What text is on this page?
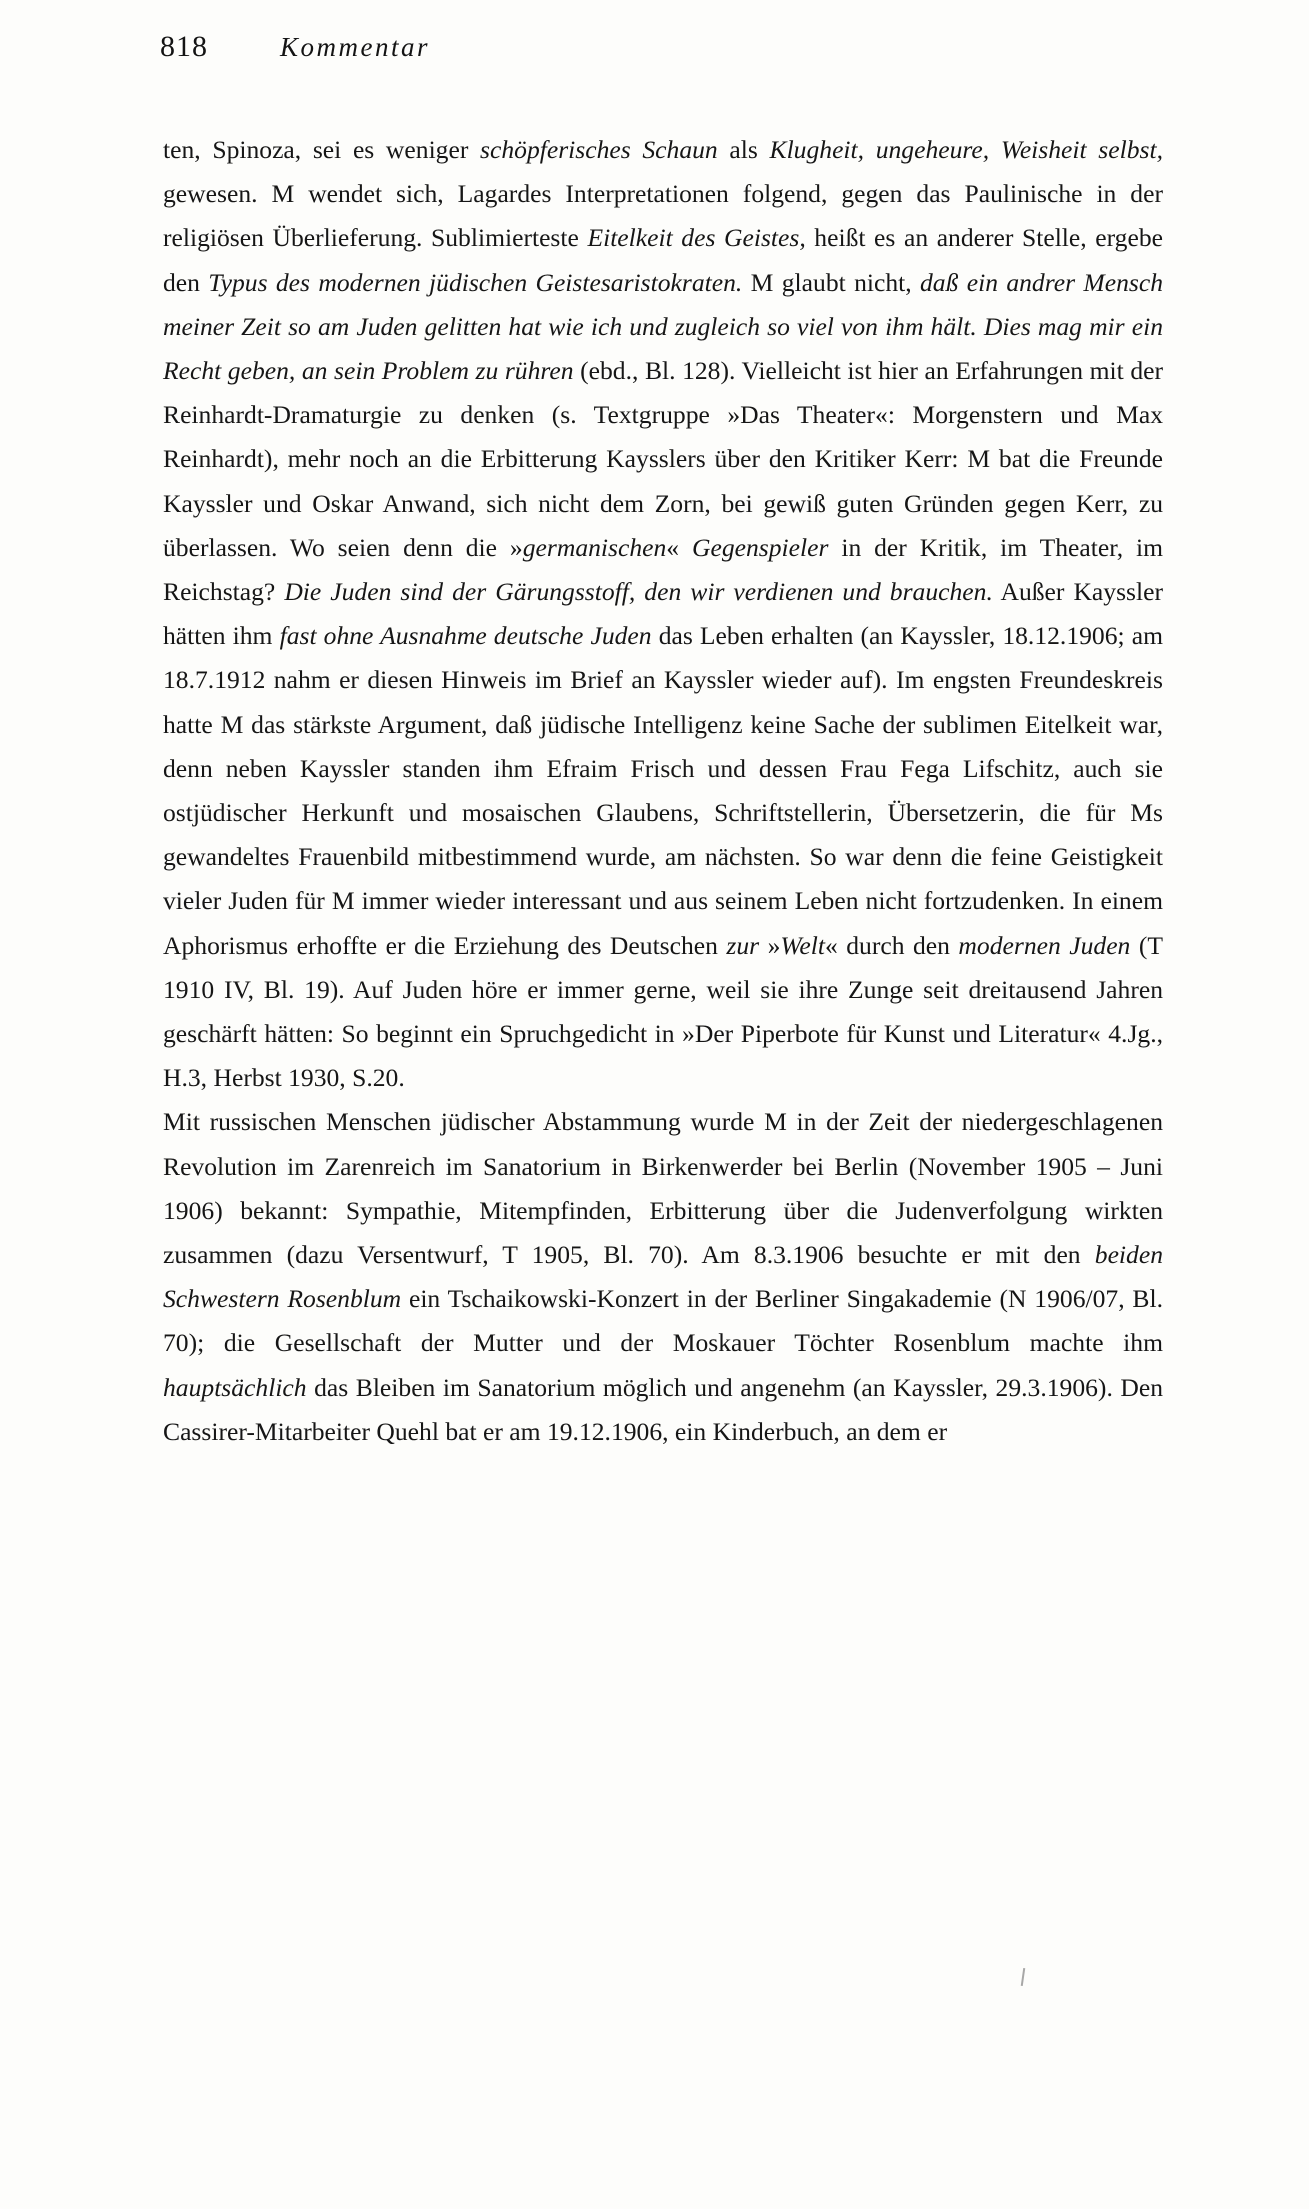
818	Kommentar

ten, Spinoza, sei es weniger schöpferisches Schaun als Klugheit, ungeheure, Weisheit selbst, gewesen. M wendet sich, Lagardes Interpretationen folgend, gegen das Paulinische in der religiösen Überlieferung. Sublimierteste Eitelkeit des Geistes, heißt es an anderer Stelle, ergebe den Typus des modernen jüdischen Geistesaristokraten. M glaubt nicht, daß ein andrer Mensch meiner Zeit so am Juden gelitten hat wie ich und zugleich so viel von ihm hält. Dies mag mir ein Recht geben, an sein Problem zu rühren (ebd., Bl. 128). Vielleicht ist hier an Erfahrungen mit der Reinhardt-Dramaturgie zu denken (s. Textgruppe »Das Theater«: Morgenstern und Max Reinhardt), mehr noch an die Erbitterung Kaysslers über den Kritiker Kerr: M bat die Freunde Kayssler und Oskar Anwand, sich nicht dem Zorn, bei gewiß guten Gründen gegen Kerr, zu überlassen. Wo seien denn die »germanischen« Gegenspieler in der Kritik, im Theater, im Reichstag? Die Juden sind der Gärungsstoff, den wir verdienen und brauchen. Außer Kayssler hätten ihm fast ohne Ausnahme deutsche Juden das Leben erhalten (an Kayssler, 18.12.1906; am 18.7.1912 nahm er diesen Hinweis im Brief an Kayssler wieder auf). Im engsten Freundeskreis hatte M das stärkste Argument, daß jüdische Intelligenz keine Sache der sublimen Eitelkeit war, denn neben Kayssler standen ihm Efraim Frisch und dessen Frau Fega Lifschitz, auch sie ostjüdischer Herkunft und mosaischen Glaubens, Schriftstellerin, Übersetzerin, die für Ms gewandeltes Frauenbild mitbestimmend wurde, am nächsten. So war denn die feine Geistigkeit vieler Juden für M immer wieder interessant und aus seinem Leben nicht fortzudenken. In einem Aphorismus erhoffte er die Erziehung des Deutschen zur »Welt« durch den modernen Juden (T 1910 IV, Bl. 19). Auf Juden höre er immer gerne, weil sie ihre Zunge seit dreitausend Jahren geschärft hätten: So beginnt ein Spruchgedicht in »Der Piperbote für Kunst und Literatur« 4.Jg., H.3, Herbst 1930, S.20.

Mit russischen Menschen jüdischer Abstammung wurde M in der Zeit der niedergeschlagenen Revolution im Zarenreich im Sanatorium in Birkenwerder bei Berlin (November 1905 – Juni 1906) bekannt: Sympathie, Mitempfinden, Erbitterung über die Judenverfolgung wirkten zusammen (dazu Versentwurf, T 1905, Bl. 70). Am 8.3.1906 besuchte er mit den beiden Schwestern Rosenblum ein Tschaikowski-Konzert in der Berliner Singakademie (N 1906/07, Bl. 70); die Gesellschaft der Mutter und der Moskauer Töchter Rosenblum machte ihm hauptsächlich das Bleiben im Sanatorium möglich und angenehm (an Kayssler, 29.3.1906). Den Cassirer-Mitarbeiter Quehl bat er am 19.12.1906, ein Kinderbuch, an dem er
